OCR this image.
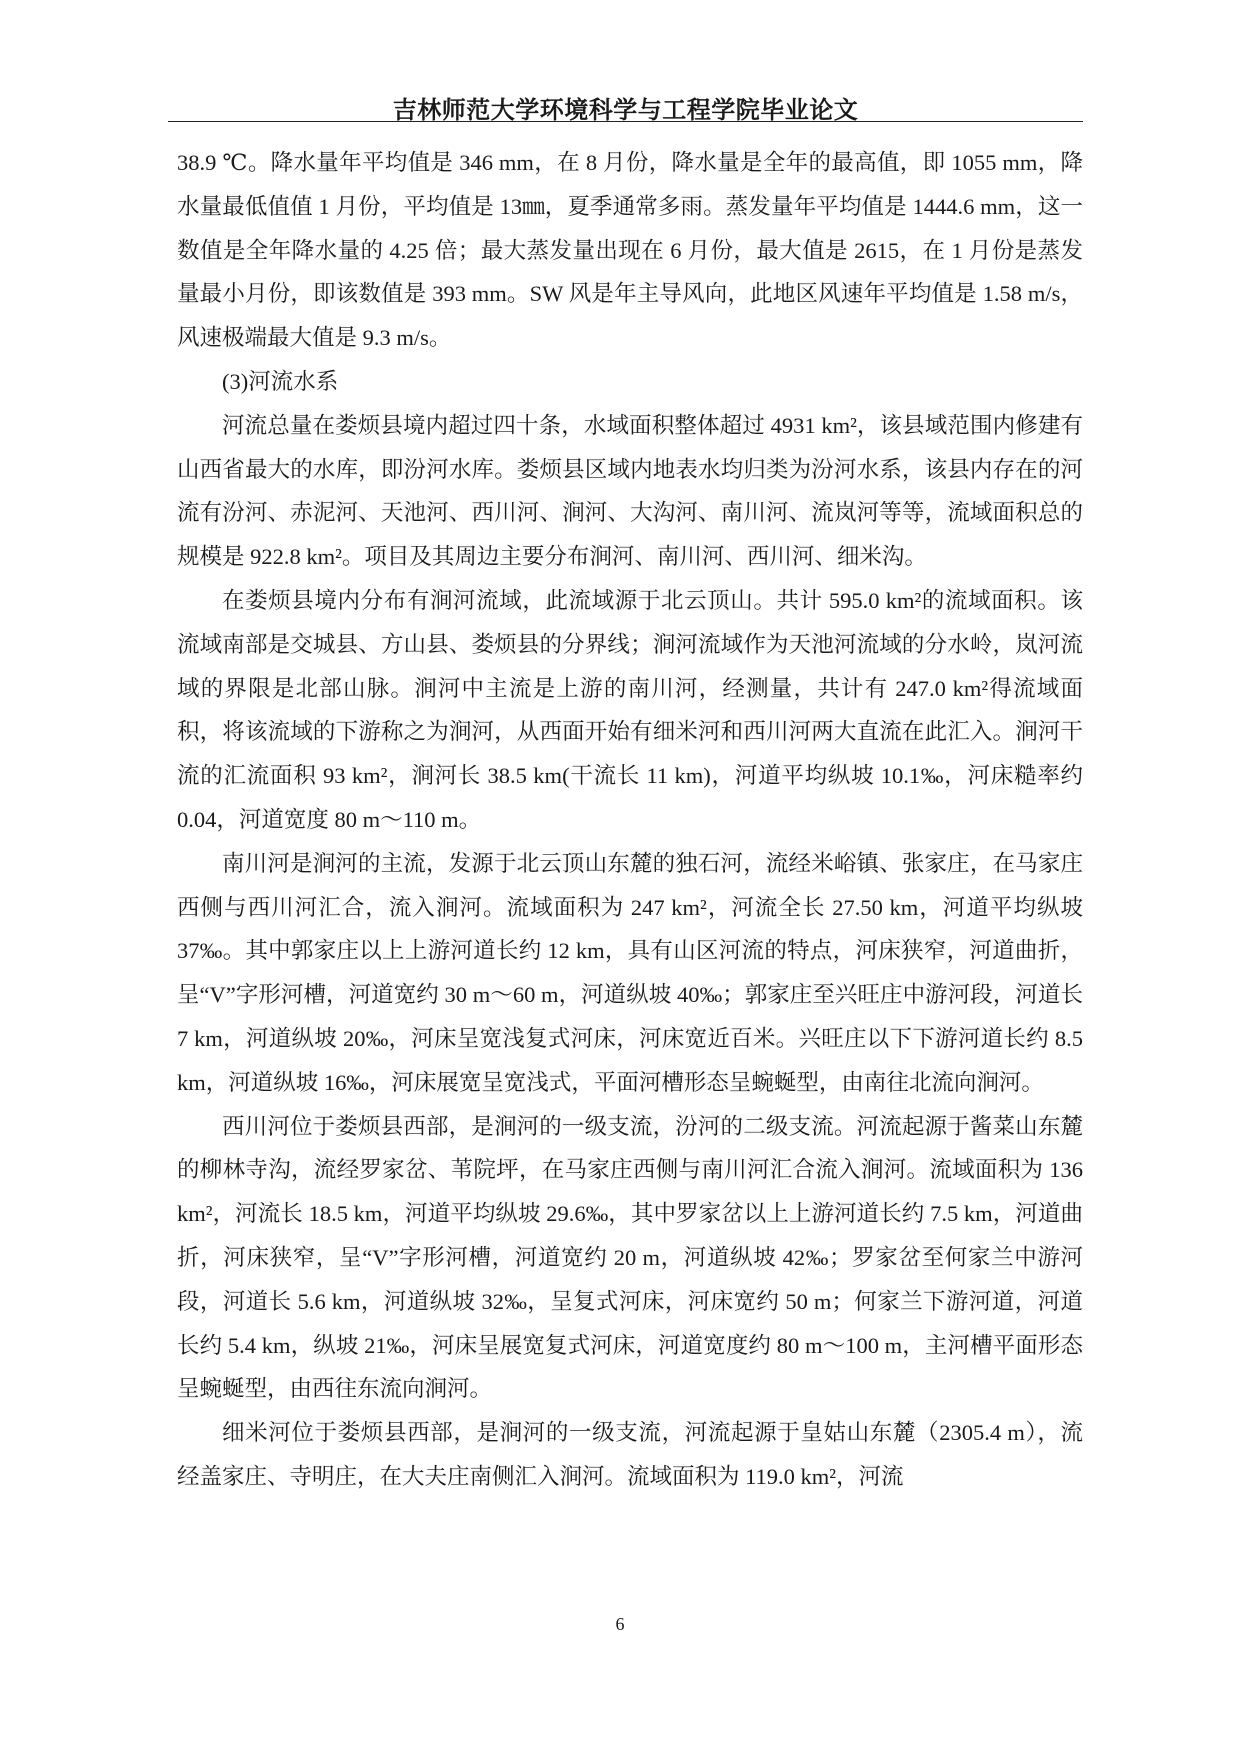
吉林师范大学环境科学与工程学院毕业论文

38.9 ℃。降水量年平均值是 346 mm，在 8 月份，降水量是全年的最高值，即 1055 mm，降水量最低值值 1 月份，平均值是 13㎜，夏季通常多雨。蒸发量年平均值是 1444.6 mm，这一数值是全年降水量的 4.25 倍；最大蒸发量出现在 6 月份，最大值是 2615，在 1 月份是蒸发量最小月份，即该数值是 393 mm。SW 风是年主导风向，此地区风速年平均值是 1.58 m/s，风速极端最大值是 9.3 m/s。

(3)河流水系

河流总量在娄烦县境内超过四十条，水域面积整体超过 4931 km²，该县域范围内修建有山西省最大的水库，即汾河水库。娄烦县区域内地表水均归类为汾河水系，该县内存在的河流有汾河、赤泥河、天池河、西川河、涧河、大沟河、南川河、流岚河等等，流域面积总的规模是 922.8 km²。项目及其周边主要分布涧河、南川河、西川河、细米沟。

在娄烦县境内分布有涧河流域，此流域源于北云顶山。共计 595.0 km²的流域面积。该流域南部是交城县、方山县、娄烦县的分界线；涧河流域作为天池河流域的分水岭，岚河流域的界限是北部山脉。涧河中主流是上游的南川河，经测量，共计有 247.0 km²得流域面积，将该流域的下游称之为涧河，从西面开始有细米河和西川河两大直流在此汇入。涧河干流的汇流面积 93 km²，涧河长 38.5 km(干流长 11 km)，河道平均纵坡 10.1‰，河床糙率约 0.04，河道宽度 80 m～110 m。

南川河是涧河的主流，发源于北云顶山东麓的独石河，流经米峪镇、张家庄，在马家庄西侧与西川河汇合，流入涧河。流域面积为 247 km²，河流全长 27.50 km，河道平均纵坡 37‰。其中郭家庄以上上游河道长约 12 km，具有山区河流的特点，河床狭窄，河道曲折，呈“V”字形河槽，河道宽约 30 m～60 m，河道纵坡 40‰；郭家庄至兴旺庄中游河段，河道长 7 km，河道纵坡 20‰，河床呈宽浅复式河床，河床宽近百米。兴旺庄以下下游河道长约 8.5 km，河道纵坡 16‰，河床展宽呈宽浅式，平面河槽形态呈蜿蜒型，由南往北流向涧河。

西川河位于娄烦县西部，是涧河的一级支流，汾河的二级支流。河流起源于酱菜山东麓的柳林寺沟，流经罗家岔、苇院坪，在马家庄西侧与南川河汇合流入涧河。流域面积为 136 km²，河流长 18.5 km，河道平均纵坡 29.6‰，其中罗家岔以上上游河道长约 7.5 km，河道曲折，河床狭窄，呈“V”字形河槽，河道宽约 20 m，河道纵坡 42‰；罗家岔至何家兰中游河段，河道长 5.6 km，河道纵坡 32‰，呈复式河床，河床宽约 50 m；何家兰下游河道，河道长约 5.4 km，纵坡 21‰，河床呈展宽复式河床，河道宽度约 80 m～100 m，主河槽平面形态呈蜿蜒型，由西往东流向涧河。

细米河位于娄烦县西部，是涧河的一级支流，河流起源于皇姑山东麓（2305.4 m），流经盖家庄、寺明庄，在大夫庄南侧汇入涧河。流域面积为 119.0 km²，河流

6
